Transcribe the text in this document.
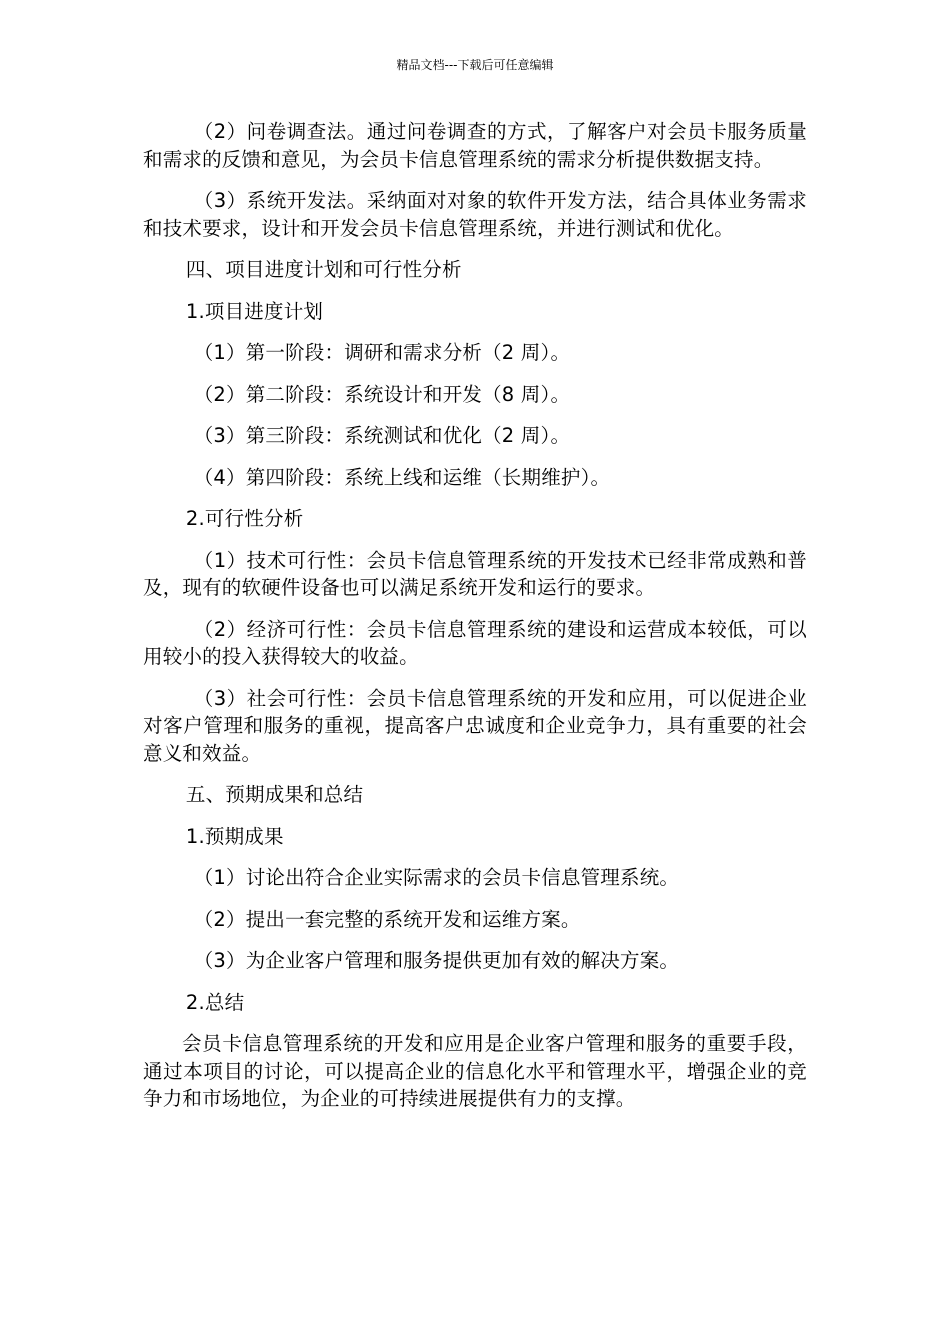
精品文档---下载后可任意编辑

（2）问卷调查法。通过问卷调查的方式，了解客户对会员卡服务质量和需求的反馈和意见，为会员卡信息管理系统的需求分析提供数据支持。

（3）系统开发法。采纳面对对象的软件开发方法，结合具体业务需求和技术要求，设计和开发会员卡信息管理系统，并进行测试和优化。

四、项目进度计划和可行性分析

1.项目进度计划

（1）第一阶段：调研和需求分析（2 周）。

（2）第二阶段：系统设计和开发（8 周）。

（3）第三阶段：系统测试和优化（2 周）。

（4）第四阶段：系统上线和运维（长期维护）。

2.可行性分析

（1）技术可行性：会员卡信息管理系统的开发技术已经非常成熟和普及，现有的软硬件设备也可以满足系统开发和运行的要求。

（2）经济可行性：会员卡信息管理系统的建设和运营成本较低，可以用较小的投入获得较大的收益。

（3）社会可行性：会员卡信息管理系统的开发和应用，可以促进企业对客户管理和服务的重视，提高客户忠诚度和企业竞争力，具有重要的社会意义和效益。

五、预期成果和总结

1.预期成果

（1）讨论出符合企业实际需求的会员卡信息管理系统。

（2）提出一套完整的系统开发和运维方案。

（3）为企业客户管理和服务提供更加有效的解决方案。

2.总结

会员卡信息管理系统的开发和应用是企业客户管理和服务的重要手段，通过本项目的讨论，可以提高企业的信息化水平和管理水平，增强企业的竞争力和市场地位，为企业的可持续进展提供有力的支撑。
